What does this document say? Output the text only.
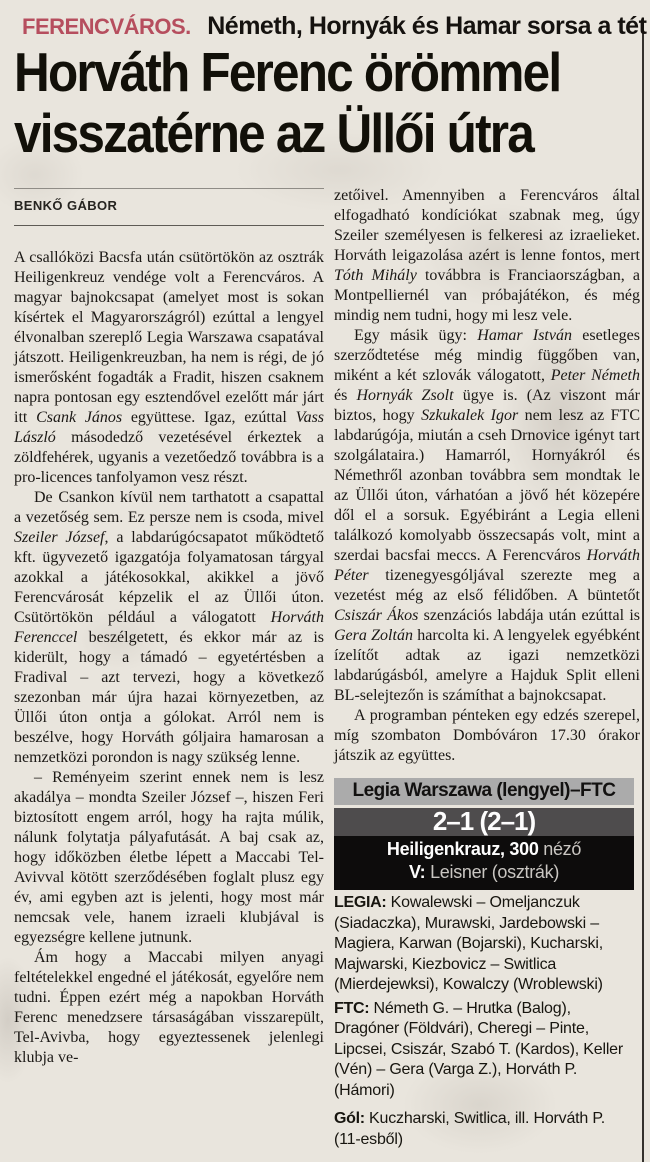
FERENCVÁROS. Németh, Hornyák és Hamar sorsa a tét
Horváth Ferenc örömmel
visszatérne az Üllői útra
BENKŐ GÁBOR

A csallóközi Bacsfa után csütörtökön az osztrák Heiligenkreuz vendége volt a Ferencváros. A magyar bajnokcsapat (amelyet most is sokan kísértek el Magyarországról) ezúttal a lengyel élvonalban szereplő Legia Warszawa csapatával játszott. Heiligenkreuzban, ha nem is régi, de jó ismerősként fogadták a Fradit, hiszen csaknem napra pontosan egy esztendővel ezelőtt már járt itt Csank János együttese. Igaz, ezúttal Vass László másodedző vezetésével érkeztek a zöldfehérek, ugyanis a vezetőedző továbbra is a pro-licences tanfolyamon vesz részt.

De Csankon kívül nem tarthatott a csapattal a vezetőség sem. Ez persze nem is csoda, mivel Szeiler József, a labdarúgócsapatot működtető kft. ügyvezető igazgatója folyamatosan tárgyal azokkal a játékosokkal, akikkel a jövő Ferencvárosát képzelik el az Üllői úton. Csütörtökön például a válogatott Horváth Ferenccel beszélgetett, és ekkor már az is kiderült, hogy a támadó – egyetértésben a Fradival – azt tervezi, hogy a következő szezonban már újra hazai környezetben, az Üllői úton ontja a gólokat. Arról nem is beszélve, hogy Horváth góljaira hamarosan a nemzetközi porondon is nagy szükség lenne.

– Reményeim szerint ennek nem is lesz akadálya – mondta Szeiler József –, hiszen Feri biztosított engem arról, hogy ha rajta múlik, nálunk folytatja pályafutását. A baj csak az, hogy időközben életbe lépett a Maccabi Tel-Avivval kötött szerződésében foglalt plusz egy év, ami egyben azt is jelenti, hogy most már nemcsak vele, hanem izraeli klubjával is egyezségre kellene jutnunk.

Ám hogy a Maccabi milyen anyagi feltételekkel engedné el játékosát, egyelőre nem tudni. Éppen ezért még a napokban Horváth Ferenc menedzsere társaságában visszarepült, Tel-Avivba, hogy egyeztessenek jelenlegi klubja ve-

zetőivel. Amennyiben a Ferencváros által elfogadható kondíciókat szabnak meg, úgy Szeiler személyesen is felkeresi az izraelieket. Horváth leigazolása azért is lenne fontos, mert Tóth Mihály továbbra is Franciaországban, a Montpelliernél van próbajátékon, és még mindig nem tudni, hogy mi lesz vele.

Egy másik ügy: Hamar István esetleges szerződtetése még mindig függőben van, miként a két szlovák válogatott, Peter Németh és Hornyák Zsolt ügye is. (Az viszont már biztos, hogy Szkukalek Igor nem lesz az FTC labdarúgója, miután a cseh Drnovice igényt tart szolgálataira.) Hamarról, Hornyákról és Némethről azonban továbbra sem mondtak le az Üllői úton, várhatóan a jövő hét közepére dől el a sorsuk. Egyébiránt a Legia elleni találkozó komolyabb összecsapás volt, mint a szerdai bacsfai meccs. A Ferencváros Horváth Péter tizenegyesgóljával szerezte meg a vezetést még az első félidőben. A büntetőt Csiszár Ákos szenzációs labdája után ezúttal is Gera Zoltán harcolta ki. A lengyelek egyébként ízelítőt adtak az igazi nemzetközi labdarúgásból, amelyre a Hajduk Split elleni BL-selejtezőn is számíthat a bajnokcsapat.

A programban pénteken egy edzés szerepel, míg szombaton Dombóváron 17.30 órakor játszik az együttes.

Legia Warszawa (lengyel)–FTC
2–1 (2–1)
Heiligenkrauz, 300 néző
V: Leisner (osztrák)

LEGIA: Kowalewski – Omeljanczuk (Siadaczka), Murawski, Jardebowski – Magiera, Karwan (Bojarski), Kucharski, Majwarski, Kiezbovicz – Switlica (Mierdejewksi), Kowalczy (Wroblewski)

FTC: Németh G. – Hrutka (Balog), Dragóner (Földvári), Cheregi – Pinte, Lipcsei, Csiszár, Szabó T. (Kardos), Keller (Vén) – Gera (Varga Z.), Horváth P. (Hámori)

Gól: Kuczharski, Switlica, ill. Horváth P. (11-esből)
